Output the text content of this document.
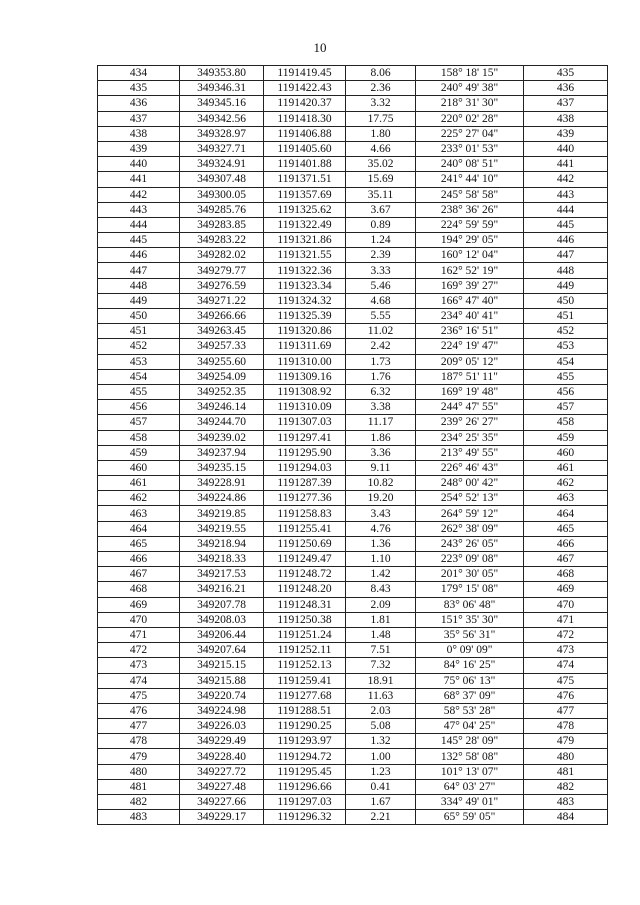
10
434	349353.80	1191419.45	8.06	158° 18' 15"	435
435	349346.31	1191422.43	2.36	240° 49' 38"	436
436	349345.16	1191420.37	3.32	218° 31' 30"	437
437	349342.56	1191418.30	17.75	220° 02' 28"	438
438	349328.97	1191406.88	1.80	225° 27' 04"	439
439	349327.71	1191405.60	4.66	233° 01' 53"	440
440	349324.91	1191401.88	35.02	240° 08' 51"	441
441	349307.48	1191371.51	15.69	241° 44' 10"	442
442	349300.05	1191357.69	35.11	245° 58' 58"	443
443	349285.76	1191325.62	3.67	238° 36' 26"	444
444	349283.85	1191322.49	0.89	224° 59' 59"	445
445	349283.22	1191321.86	1.24	194° 29' 05"	446
446	349282.02	1191321.55	2.39	160° 12' 04"	447
447	349279.77	1191322.36	3.33	162° 52' 19"	448
448	349276.59	1191323.34	5.46	169° 39' 27"	449
449	349271.22	1191324.32	4.68	166° 47' 40"	450
450	349266.66	1191325.39	5.55	234° 40' 41"	451
451	349263.45	1191320.86	11.02	236° 16' 51"	452
452	349257.33	1191311.69	2.42	224° 19' 47"	453
453	349255.60	1191310.00	1.73	209° 05' 12"	454
454	349254.09	1191309.16	1.76	187° 51' 11"	455
455	349252.35	1191308.92	6.32	169° 19' 48"	456
456	349246.14	1191310.09	3.38	244° 47' 55"	457
457	349244.70	1191307.03	11.17	239° 26' 27"	458
458	349239.02	1191297.41	1.86	234° 25' 35"	459
459	349237.94	1191295.90	3.36	213° 49' 55"	460
460	349235.15	1191294.03	9.11	226° 46' 43"	461
461	349228.91	1191287.39	10.82	248° 00' 42"	462
462	349224.86	1191277.36	19.20	254° 52' 13"	463
463	349219.85	1191258.83	3.43	264° 59' 12"	464
464	349219.55	1191255.41	4.76	262° 38' 09"	465
465	349218.94	1191250.69	1.36	243° 26' 05"	466
466	349218.33	1191249.47	1.10	223° 09' 08"	467
467	349217.53	1191248.72	1.42	201° 30' 05"	468
468	349216.21	1191248.20	8.43	179° 15' 08"	469
469	349207.78	1191248.31	2.09	83° 06' 48"	470
470	349208.03	1191250.38	1.81	151° 35' 30"	471
471	349206.44	1191251.24	1.48	35° 56' 31"	472
472	349207.64	1191252.11	7.51	0° 09' 09"	473
473	349215.15	1191252.13	7.32	84° 16' 25"	474
474	349215.88	1191259.41	18.91	75° 06' 13"	475
475	349220.74	1191277.68	11.63	68° 37' 09"	476
476	349224.98	1191288.51	2.03	58° 53' 28"	477
477	349226.03	1191290.25	5.08	47° 04' 25"	478
478	349229.49	1191293.97	1.32	145° 28' 09"	479
479	349228.40	1191294.72	1.00	132° 58' 08"	480
480	349227.72	1191295.45	1.23	101° 13' 07"	481
481	349227.48	1191296.66	0.41	64° 03' 27"	482
482	349227.66	1191297.03	1.67	334° 49' 01"	483
483	349229.17	1191296.32	2.21	65° 59' 05"	484
